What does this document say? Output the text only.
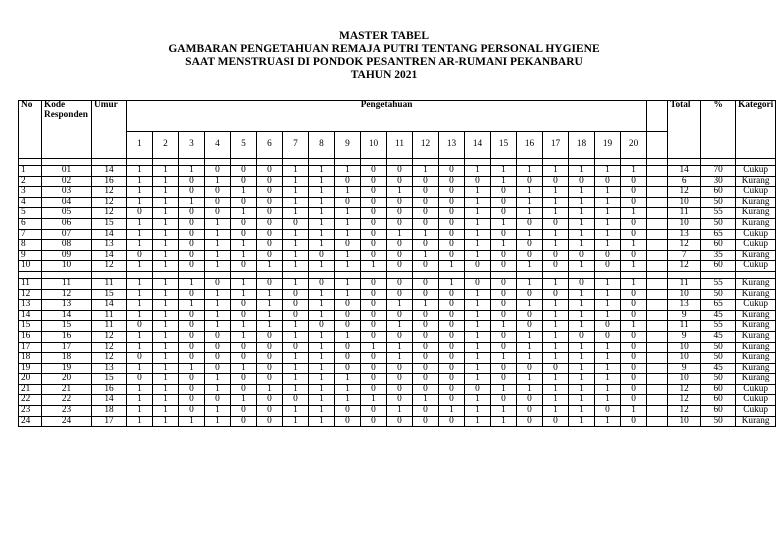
MASTER TABEL
GAMBARAN PENGETAHUAN REMAJA PUTRI TENTANG PERSONAL HYGIENE
SAAT MENSTRUASI DI PONDOK PESANTREN AR-RUMANI PEKANBARU
TAHUN 2021
No	Kode Responden	Umur	Pengetahuan																					Total	%	Kategori
			1	2	3	4	5	6	7	8	9	10	11	12	13	14	15	16	17	18	19	20				

1	01	14	1	1	1	0	0	0	1	1	1	0	0	1	0	1	1	1	1	1	1	1		14	70	Cukup
2	02	16	1	1	0	1	0	0	1	1	0	0	0	0	0	0	1	0	0	0	0	0		6	30	Kurang
3	03	12	1	1	0	0	1	0	1	1	1	0	1	0	0	1	0	1	1	1	1	0		12	60	Cukup
4	04	12	1	1	1	0	0	0	1	1	0	0	0	0	0	1	0	1	1	1	1	0		10	50	Kurang
5	05	12	0	1	0	0	1	0	1	1	1	0	0	0	0	1	0	1	1	1	1	1		11	55	Kurang
6	06	15	1	1	0	1	0	0	0	1	1	0	0	0	0	1	1	0	0	1	1	0		10	50	Kurang
7	07	14	1	1	0	1	0	0	1	1	1	0	1	1	0	1	0	1	1	1	1	0		13	65	Cukup
8	08	13	1	1	0	1	1	0	1	1	0	0	0	0	0	1	1	0	1	1	1	1		12	60	Cukup
9	09	14	0	1	0	1	1	0	1	0	1	0	0	1	0	1	0	0	0	0	0	0		7	35	Kurang
10	10	12	1	1	0	1	0	1	1	1	1	1	0	0	1	0	0	1	0	1	0	1		12	60	Cukup

11	11	11	1	1	1	0	1	0	1	0	1	0	0	0	1	0	0	1	1	0	1	1		11	55	Kurang
12	12	15	1	1	0	1	1	1	0	1	1	0	0	0	0	1	0	0	0	1	1	0		10	50	Kurang
13	13	14	1	1	1	1	0	1	0	1	0	0	1	1	0	1	0	1	1	1	1	0		13	65	Cukup
14	14	11	1	1	0	1	0	1	0	1	0	0	0	0	0	1	0	0	1	1	1	0		9	45	Kurang
15	15	11	0	1	0	1	1	1	1	0	0	0	1	0	0	1	1	0	1	1	0	1		11	55	Kurang
16	16	12	1	1	0	0	1	0	1	1	1	0	0	0	0	1	0	1	1	0	0	0		9	45	Kurang
17	17	12	1	1	0	0	0	0	0	1	0	1	1	0	0	1	0	1	1	1	1	0		10	50	Kurang
18	18	12	0	1	0	0	0	0	1	1	0	0	1	0	0	1	1	1	1	1	1	0		10	50	Kurang
19	19	13	1	1	1	0	1	0	1	1	0	0	0	0	0	1	0	0	0	1	1	0		9	45	Kurang
20	20	15	0	1	0	1	0	0	1	1	1	0	0	0	0	1	0	1	1	1	1	0		10	50	Kurang
21	21	16	1	1	0	1	0	1	1	1	1	0	0	0	0	0	1	1	1	1	1	0		12	60	Cukup
22	22	14	1	1	0	0	1	0	0	1	1	1	0	1	0	1	0	0	1	1	1	0		12	60	Cukup
23	23	18	1	1	0	1	0	0	1	1	0	0	1	0	1	1	1	0	1	1	0	1		12	60	Cukup
24	24	17	1	1	1	1	0	0	1	1	0	0	0	0	0	1	1	0	0	1	1	0		10	50	Kurang
